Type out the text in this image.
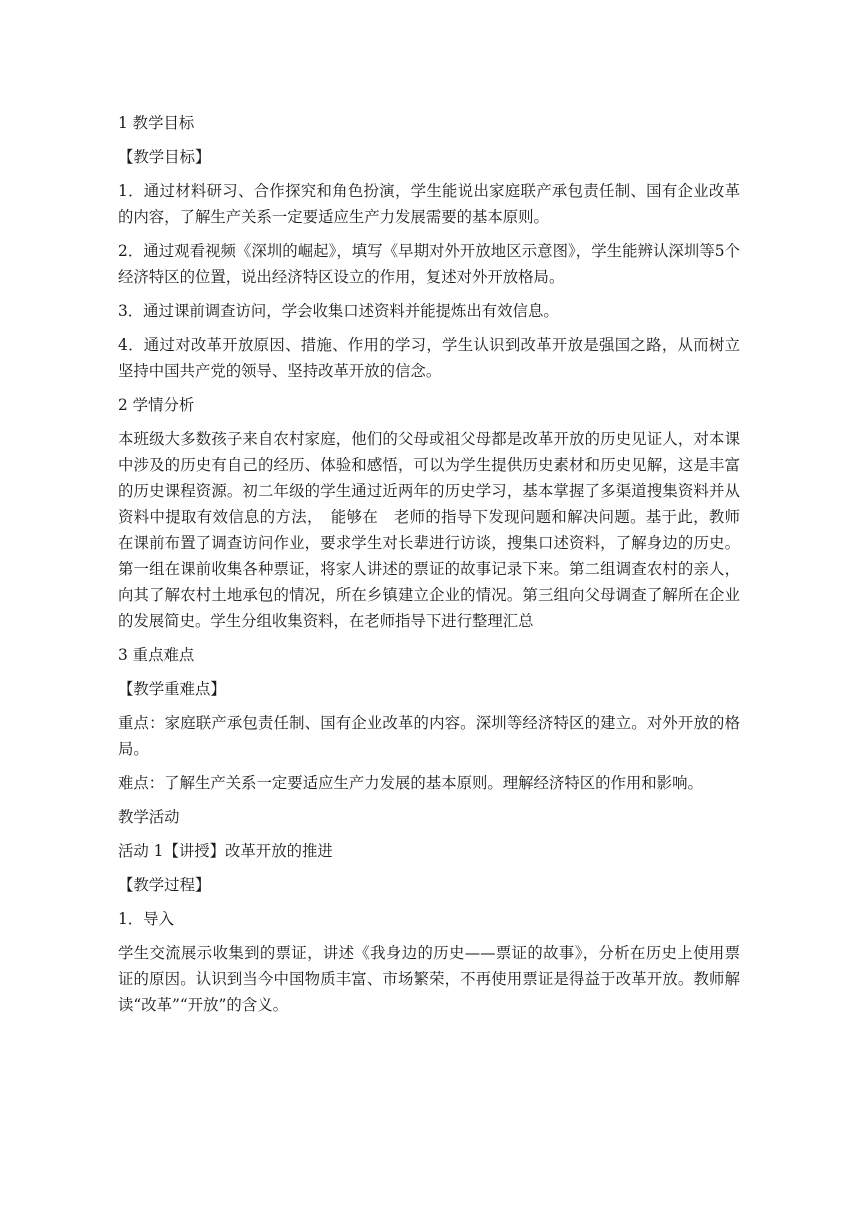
1 教学目标

【教学目标】

1．通过材料研习、合作探究和角色扮演，学生能说出家庭联产承包责任制、国有企业改革的内容，了解生产关系一定要适应生产力发展需要的基本原则。

2．通过观看视频《深圳的崛起》，填写《早期对外开放地区示意图》，学生能辨认深圳等5个经济特区的位置，说出经济特区设立的作用，复述对外开放格局。

3．通过课前调查访问，学会收集口述资料并能提炼出有效信息。

4．通过对改革开放原因、措施、作用的学习，学生认识到改革开放是强国之路，从而树立坚持中国共产党的领导、坚持改革开放的信念。

2 学情分析

本班级大多数孩子来自农村家庭，他们的父母或祖父母都是改革开放的历史见证人，对本课中涉及的历史有自己的经历、体验和感悟，可以为学生提供历史素材和历史见解，这是丰富的历史课程资源。初二年级的学生通过近两年的历史学习，基本掌握了多渠道搜集资料并从资料中提取有效信息的方法，　能够在　老师的指导下发现问题和解决问题。基于此，教师在课前布置了调查访问作业，要求学生对长辈进行访谈，搜集口述资料，了解身边的历史。第一组在课前收集各种票证，将家人讲述的票证的故事记录下来。第二组调查农村的亲人，向其了解农村土地承包的情况，所在乡镇建立企业的情况。第三组向父母调查了解所在企业的发展简史。学生分组收集资料，在老师指导下进行整理汇总

3 重点难点

【教学重难点】

重点：家庭联产承包责任制、国有企业改革的内容。深圳等经济特区的建立。对外开放的格局。

难点：了解生产关系一定要适应生产力发展的基本原则。理解经济特区的作用和影响。

教学活动

活动 1【讲授】改革开放的推进

【教学过程】

1．导入

学生交流展示收集到的票证，讲述《我身边的历史——票证的故事》，分析在历史上使用票证的原因。认识到当今中国物质丰富、市场繁荣，不再使用票证是得益于改革开放。教师解读“改革”“开放”的含义。
